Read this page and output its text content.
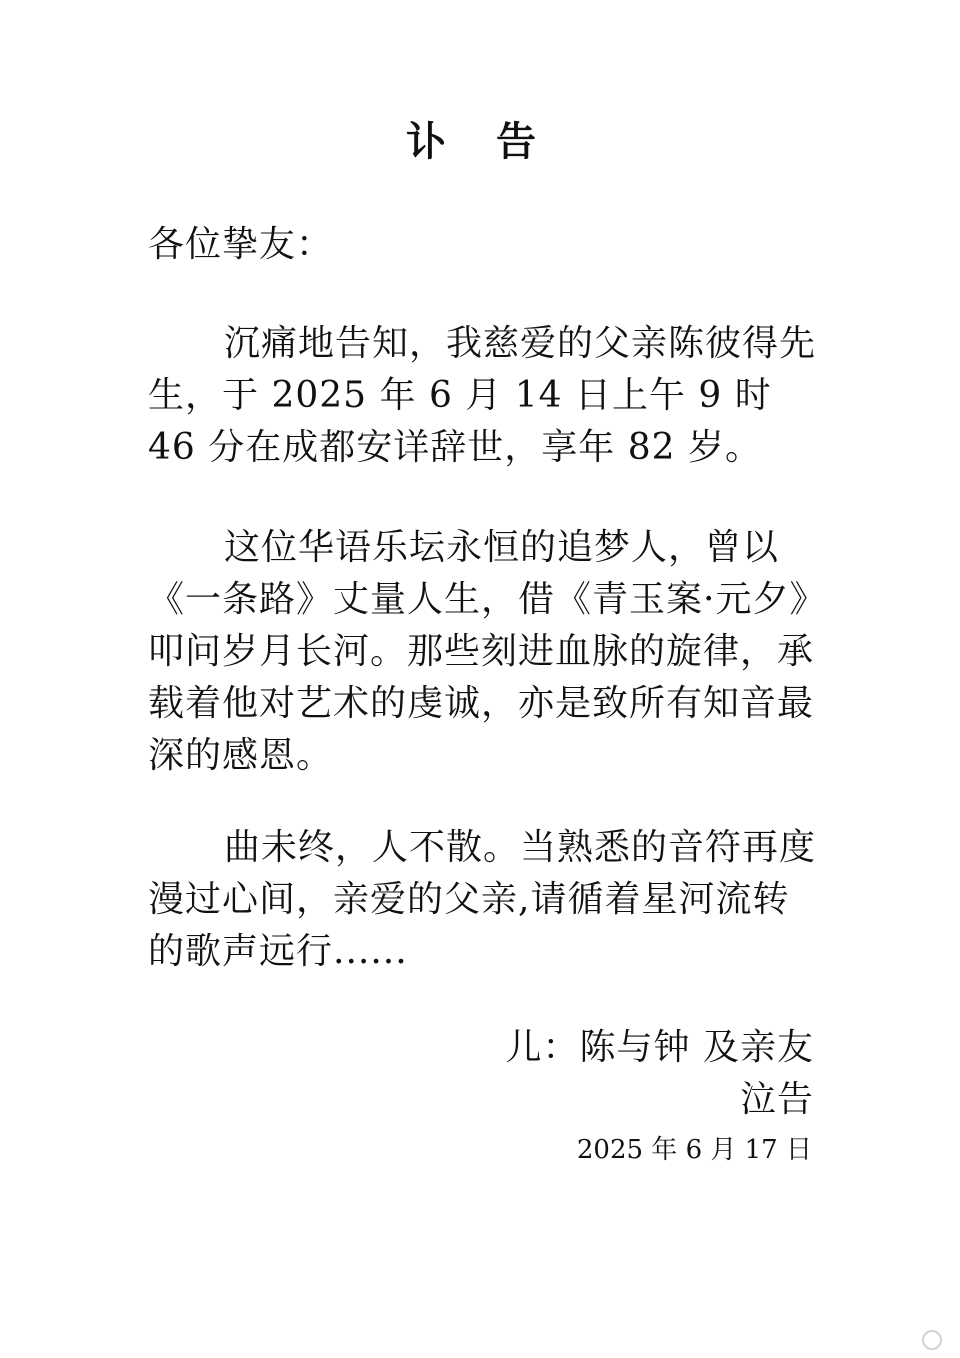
讣 告
各位挚友：

沉痛地告知，我慈爱的父亲陈彼得先生，于 2025 年 6 月 14 日上午 9 时 46 分在成都安详辞世，享年 82 岁。

这位华语乐坛永恒的追梦人，曾以《一条路》丈量人生，借《青玉案·元夕》叩问岁月长河。那些刻进血脉的旋律，承载着他对艺术的虔诚，亦是致所有知音最深的感恩。

曲未终，人不散。当熟悉的音符再度漫过心间，亲爱的父亲,请循着星河流转的歌声远行......

儿：陈与钟 及亲友
泣告
2025 年 6 月 17 日
